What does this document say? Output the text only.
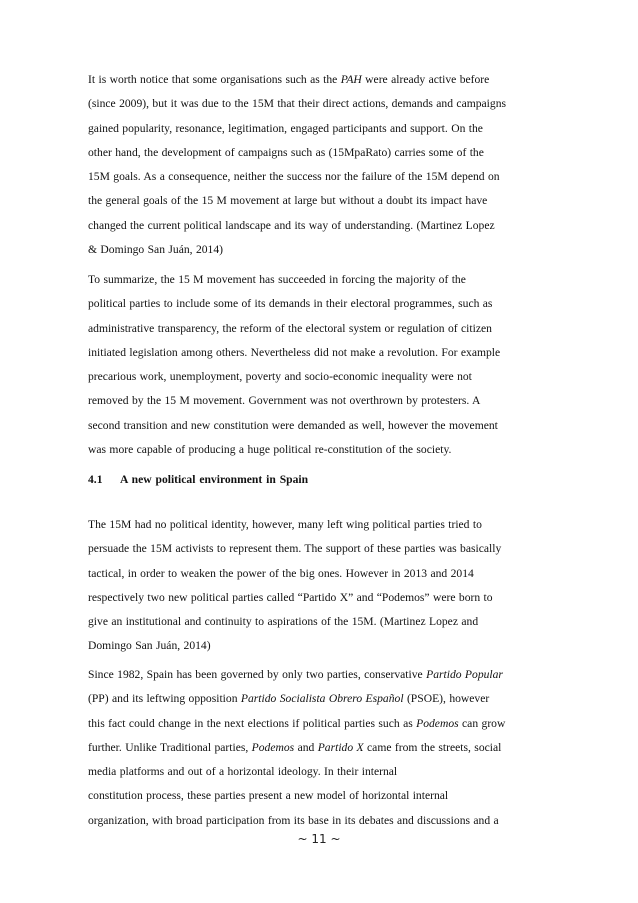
It is worth notice that some organisations such as the PAH were already active before
(since 2009), but it was due to the 15M that their direct actions, demands and campaigns
gained popularity, resonance, legitimation, engaged participants and support. On the
other hand, the development of campaigns such as (15MpaRato) carries some of the
15M goals. As a consequence, neither the success nor the failure of the 15M depend on
the general goals of the 15 M movement at large but without a doubt its impact have
changed the current political landscape and its way of understanding. (Martinez Lopez
& Domingo San Juán, 2014)
To summarize, the 15 M movement has succeeded in forcing the majority of the
political parties to include some of its demands in their electoral programmes, such as
administrative transparency, the reform of the electoral system or regulation of citizen
initiated legislation among others. Nevertheless did not make a revolution. For example
precarious work, unemployment, poverty and socio-economic inequality were not
removed by the 15 M movement. Government was not overthrown by protesters. A
second transition and new constitution were demanded as well, however the movement
was more capable of producing a huge political re-constitution of the society.
4.1 A new political environment in Spain
The 15M had no political identity, however, many left wing political parties tried to
persuade the 15M activists to represent them. The support of these parties was basically
tactical, in order to weaken the power of the big ones. However in 2013 and 2014
respectively two new political parties called “Partido X” and “Podemos” were born to
give an institutional and continuity to aspirations of the 15M. (Martinez Lopez and
Domingo San Juán, 2014)
Since 1982, Spain has been governed by only two parties, conservative Partido Popular
(PP) and its leftwing opposition Partido Socialista Obrero Español (PSOE), however
this fact could change in the next elections if political parties such as Podemos can grow
further. Unlike Traditional parties, Podemos and Partido X came from the streets, social
media platforms and out of a horizontal ideology. In their internal
constitution process, these parties present a new model of horizontal internal
organization, with broad participation from its base in its debates and discussions and a
~ 11 ~
